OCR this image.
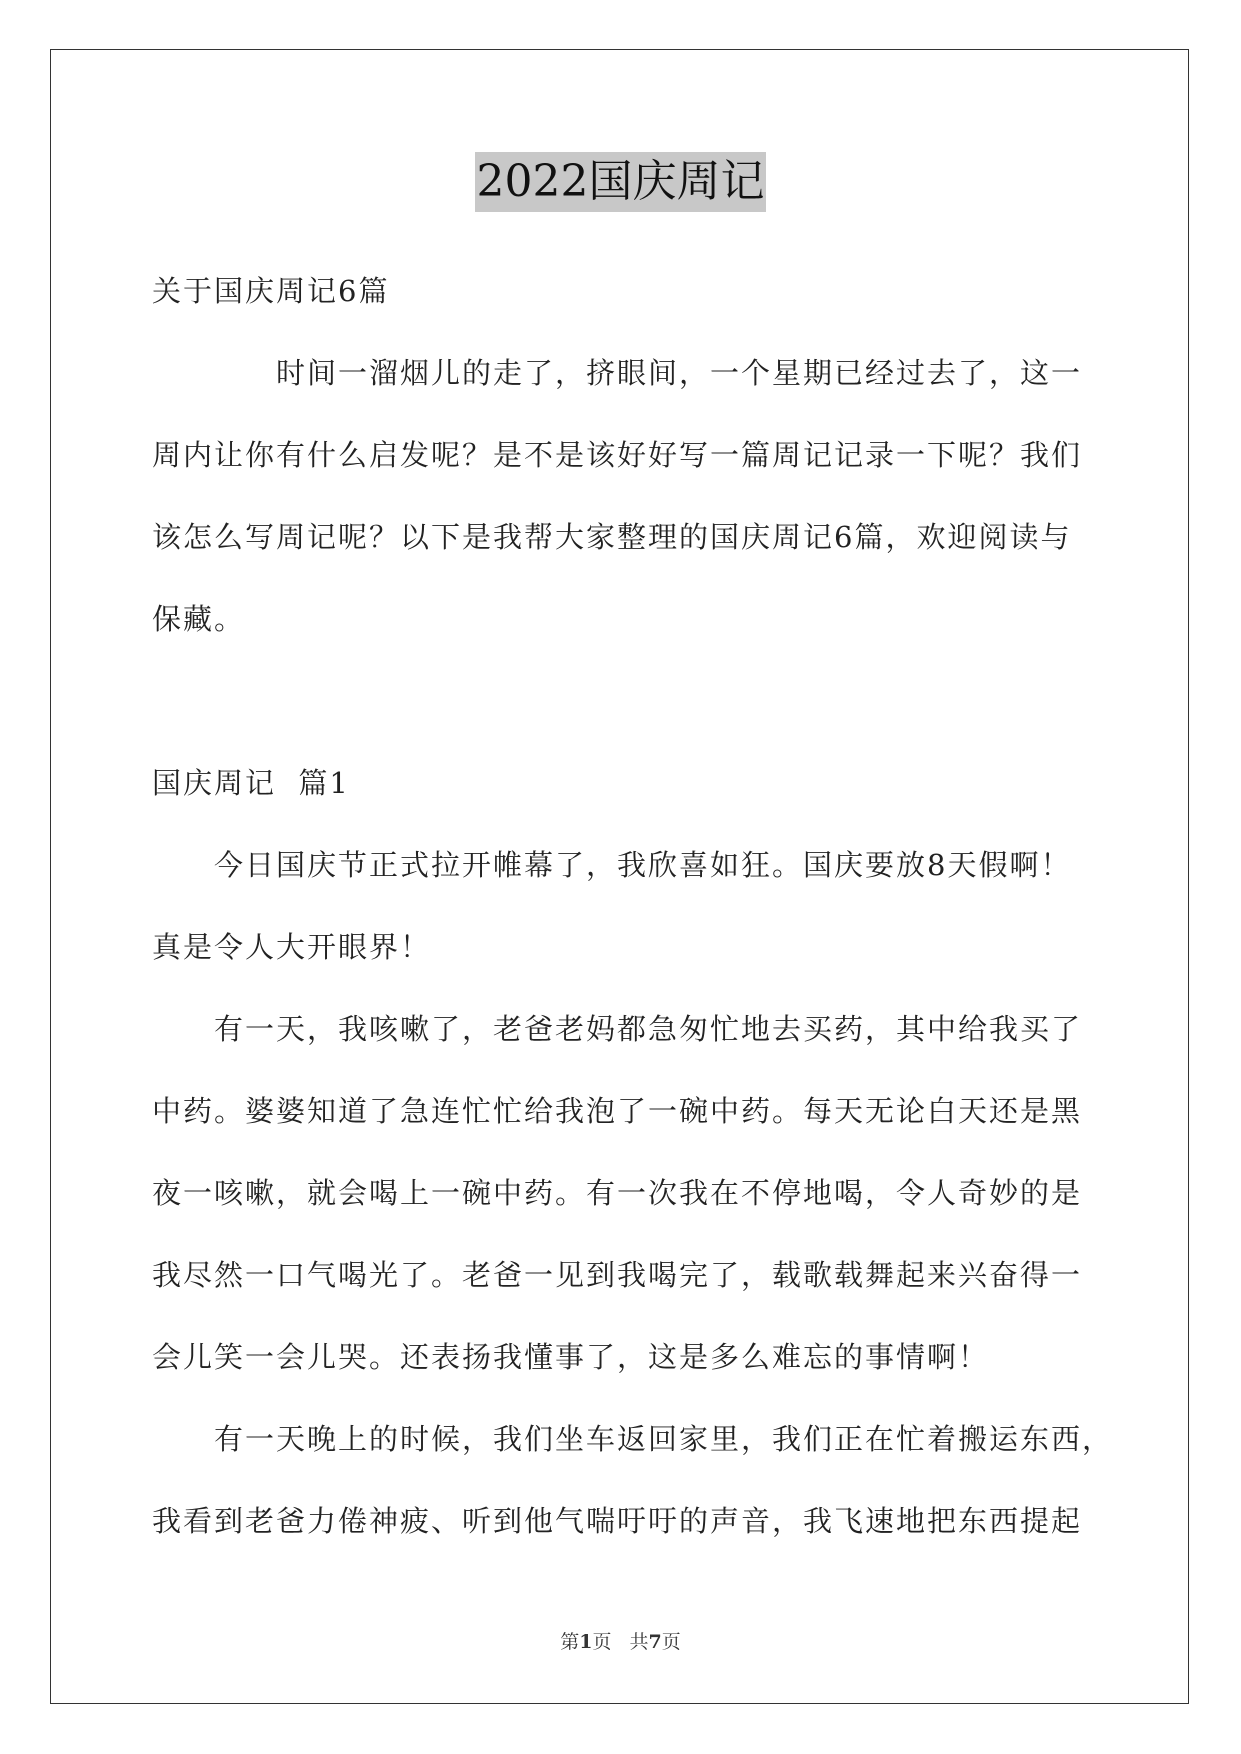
2022国庆周记
关于国庆周记6篇
时间一溜烟儿的走了，挤眼间，一个星期已经过去了，这一
周内让你有什么启发呢？是不是该好好写一篇周记记录一下呢？我们
该怎么写周记呢？以下是我帮大家整理的国庆周记6篇，欢迎阅读与
保藏。
国庆周记  篇1
今日国庆节正式拉开帷幕了，我欣喜如狂。国庆要放8天假啊！
真是令人大开眼界！
有一天，我咳嗽了，老爸老妈都急匆忙地去买药，其中给我买了
中药。婆婆知道了急连忙忙给我泡了一碗中药。每天无论白天还是黑
夜一咳嗽，就会喝上一碗中药。有一次我在不停地喝，令人奇妙的是
我尽然一口气喝光了。老爸一见到我喝完了，载歌载舞起来兴奋得一
会儿笑一会儿哭。还表扬我懂事了，这是多么难忘的事情啊！
有一天晚上的时候，我们坐车返回家里，我们正在忙着搬运东西，
我看到老爸力倦神疲、听到他气喘吁吁的声音，我飞速地把东西提起
第1页 共7页
